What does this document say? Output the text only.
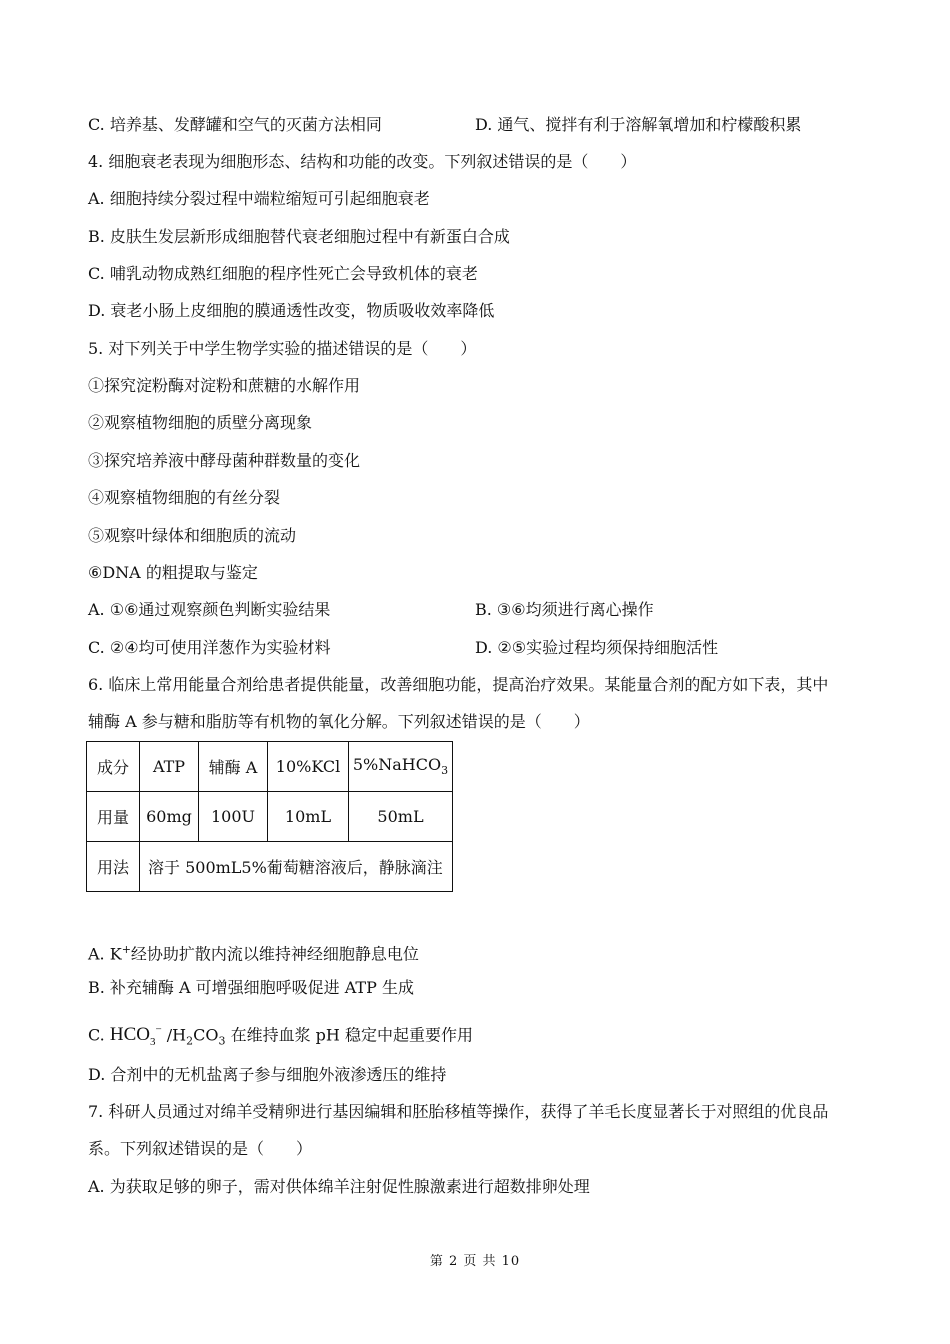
C. 培养基、发酵罐和空气的灭菌方法相同	D. 通气、搅拌有利于溶解氧增加和柠檬酸积累
4. 细胞衰老表现为细胞形态、结构和功能的改变。下列叙述错误的是（　　）
A. 细胞持续分裂过程中端粒缩短可引起细胞衰老
B. 皮肤生发层新形成细胞替代衰老细胞过程中有新蛋白合成
C. 哺乳动物成熟红细胞的程序性死亡会导致机体的衰老
D. 衰老小肠上皮细胞的膜通透性改变，物质吸收效率降低
5. 对下列关于中学生物学实验的描述错误的是（　　）
①探究淀粉酶对淀粉和蔗糖的水解作用
②观察植物细胞的质壁分离现象
③探究培养液中酵母菌种群数量的变化
④观察植物细胞的有丝分裂
⑤观察叶绿体和细胞质的流动
⑥DNA 的粗提取与鉴定
A. ①⑥通过观察颜色判断实验结果	B. ③⑥均须进行离心操作
C. ②④均可使用洋葱作为实验材料	D. ②⑤实验过程均须保持细胞活性
6. 临床上常用能量合剂给患者提供能量，改善细胞功能，提高治疗效果。某能量合剂的配方如下表，其中
辅酶 A 参与糖和脂肪等有机物的氧化分解。下列叙述错误的是（　　）
成分	ATP	辅酶 A	10%KCl	5%NaHCO$_3$
用量	60mg	100U	10mL	50mL
用法	溶于 500mL5%葡萄糖溶液后，静脉滴注			
A. K+经协助扩散内流以维持神经细胞静息电位
B. 补充辅酶 A 可增强细胞呼吸促进 ATP 生成
C. $HCO_3^-$ $/H_2CO_3$ 在维持血浆 pH 稳定中起重要作用
D. 合剂中的无机盐离子参与细胞外液渗透压的维持
7. 科研人员通过对绵羊受精卵进行基因编辑和胚胎移植等操作，获得了羊毛长度显著长于对照组的优良品
系。下列叙述错误的是（　　）
A. 为获取足够的卵子，需对供体绵羊注射促性腺激素进行超数排卵处理
第 2 页 共 10
